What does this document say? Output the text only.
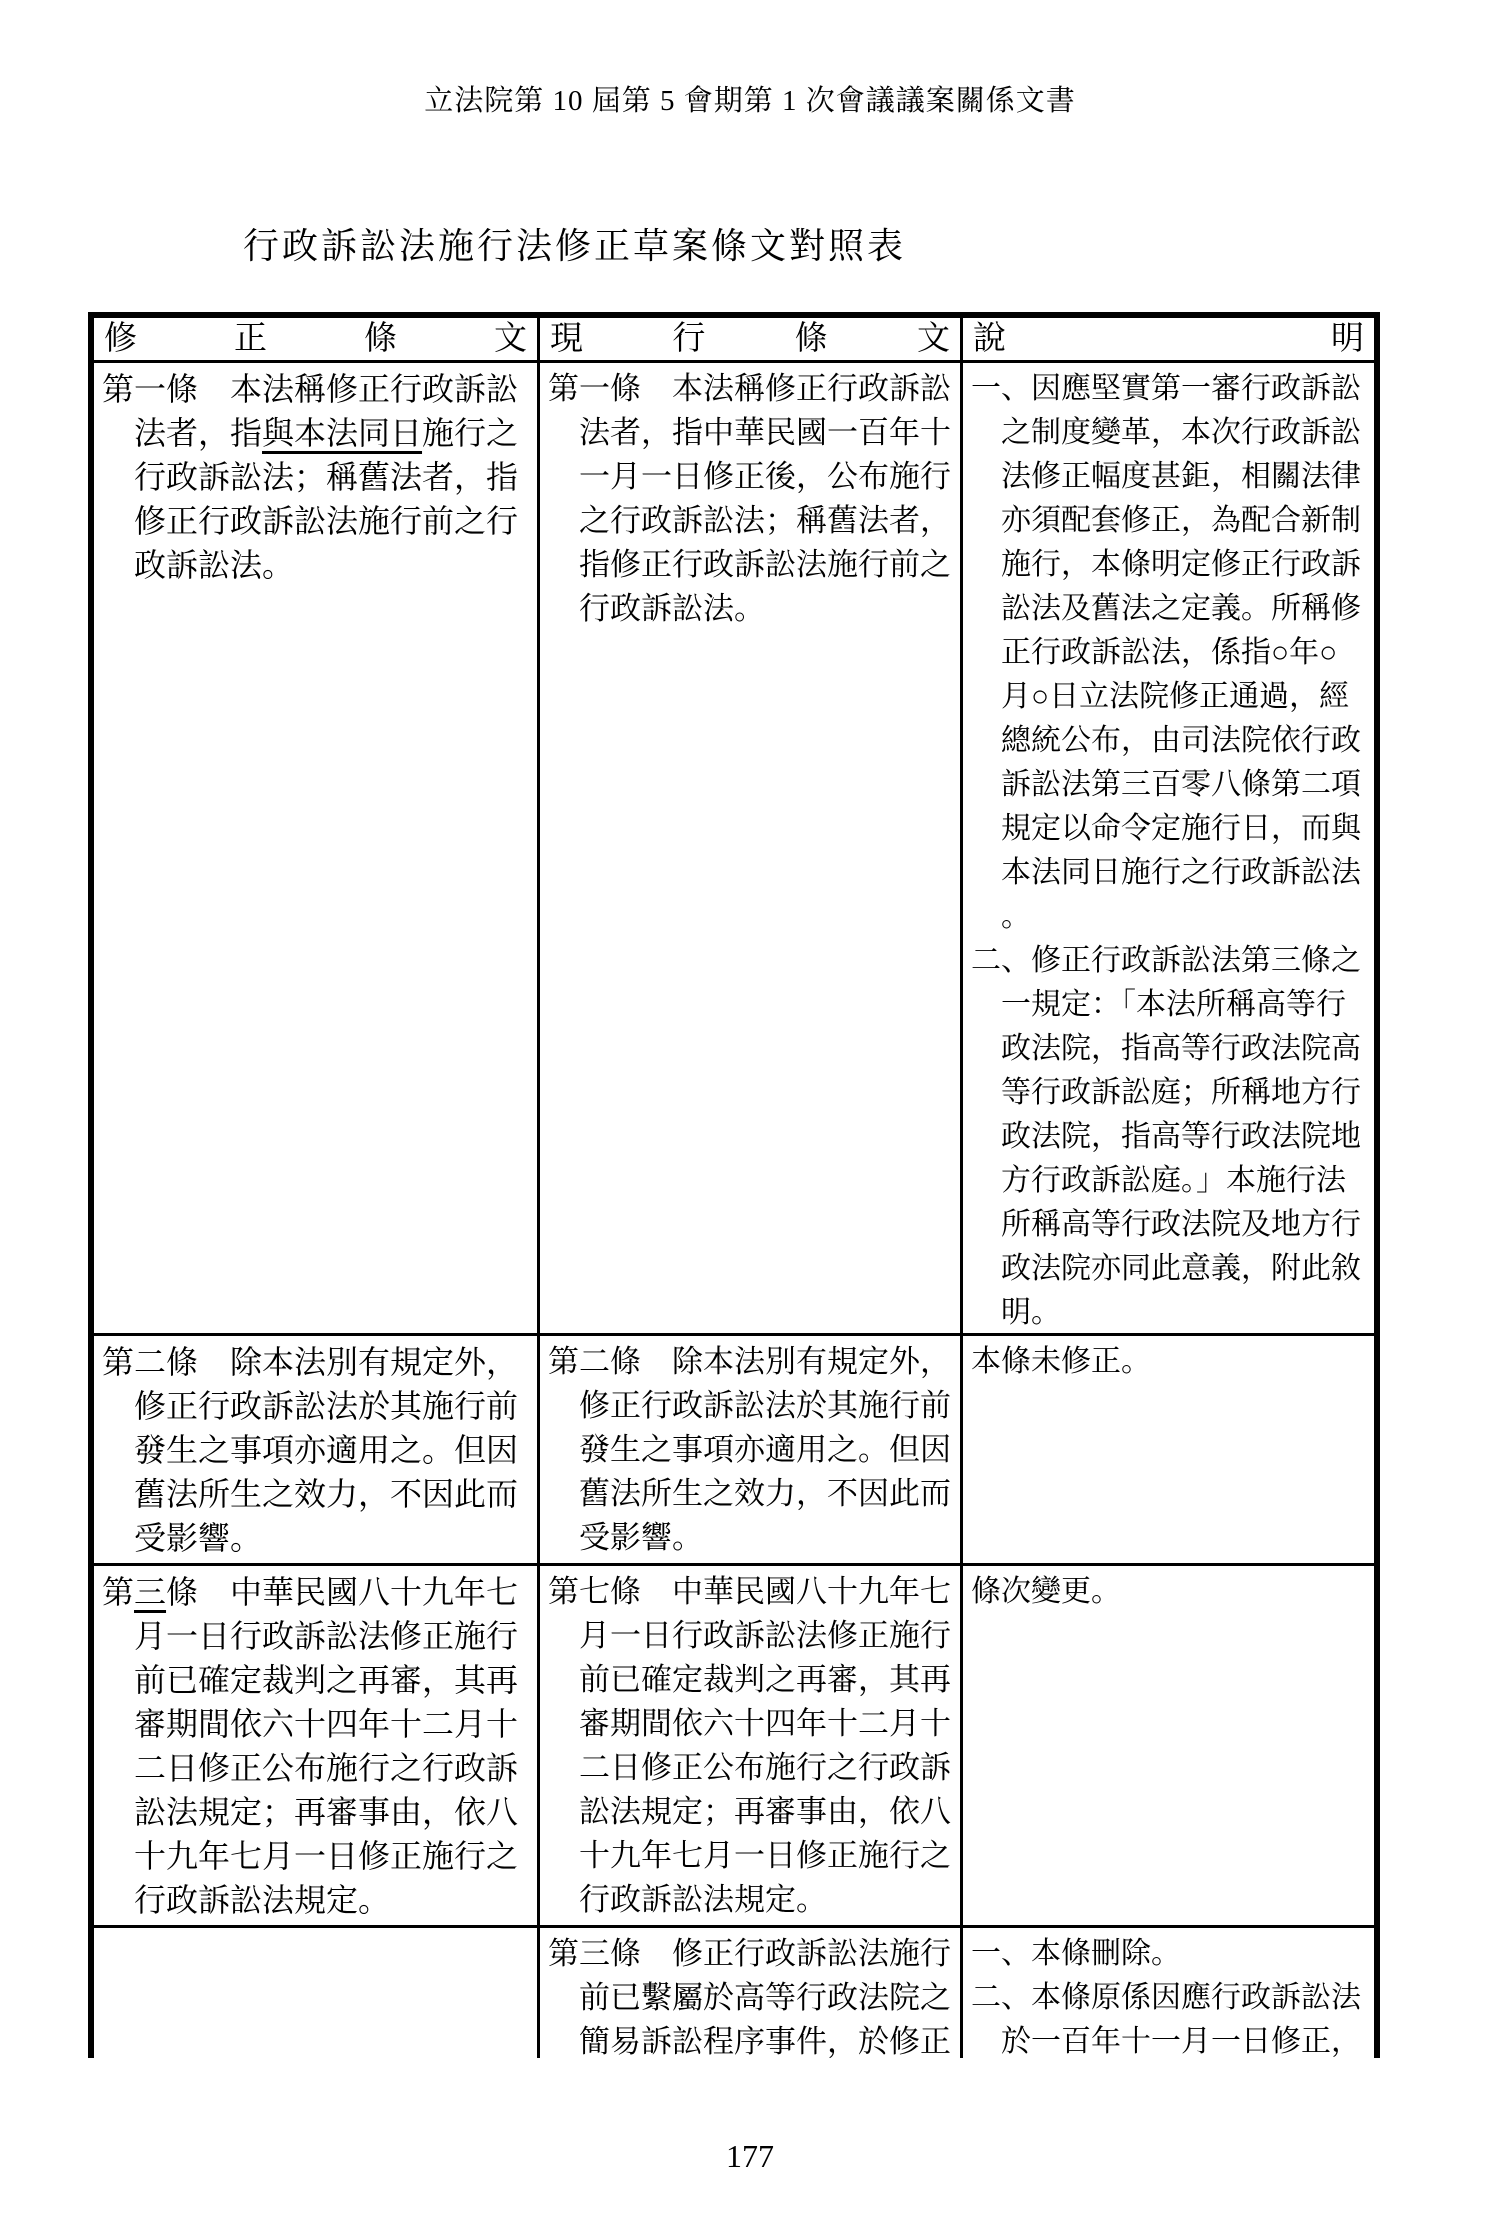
立法院第 10 屆第 5 會期第 1 次會議議案關係文書
行政訴訟法施行法修正草案條文對照表
修正條文 現行條文 說明

第一條　本法稱修正行政訴訟法者，指與本法同日施行之行政訴訟法；稱舊法者，指修正行政訴訟法施行前之行政訴訟法。

第一條　本法稱修正行政訴訟法者，指中華民國一百年十一月一日修正後，公布施行之行政訴訟法；稱舊法者，指修正行政訴訟法施行前之行政訴訟法。

一、因應堅實第一審行政訴訟之制度變革，本次行政訴訟法修正幅度甚鉅，相關法律亦須配套修正，為配合新制施行，本條明定修正行政訴訟法及舊法之定義。所稱修正行政訴訟法，係指○年○月○日立法院修正通過，經總統公布，由司法院依行政訴訟法第三百零八條第二項規定以命令定施行日，而與本法同日施行之行政訴訟法。

二、修正行政訴訟法第三條之一規定：「本法所稱高等行政法院，指高等行政法院高等行政訴訟庭；所稱地方行政法院，指高等行政法院地方行政訴訟庭。」本施行法所稱高等行政法院及地方行政法院亦同此意義，附此敘明。

第二條　除本法別有規定外，修正行政訴訟法於其施行前發生之事項亦適用之。但因舊法所生之效力，不因此而受影響。

第二條　除本法別有規定外，修正行政訴訟法於其施行前發生之事項亦適用之。但因舊法所生之效力，不因此而受影響。

本條未修正。

第三條　中華民國八十九年七月一日行政訴訟法修正施行前已確定裁判之再審，其再審期間依六十四年十二月十二日修正公布施行之行政訴訟法規定；再審事由，依八十九年七月一日修正施行之行政訴訟法規定。

第七條　中華民國八十九年七月一日行政訴訟法修正施行前已確定裁判之再審，其再審期間依六十四年十二月十二日修正公布施行之行政訴訟法規定；再審事由，依八十九年七月一日修正施行之行政訴訟法規定。

條次變更。

第三條　修正行政訴訟法施行前已繫屬於高等行政法院之簡易訴訟程序事件，於修正

一、本條刪除。

二、本條原係因應行政訴訟法於一百年十一月一日修正，

177
